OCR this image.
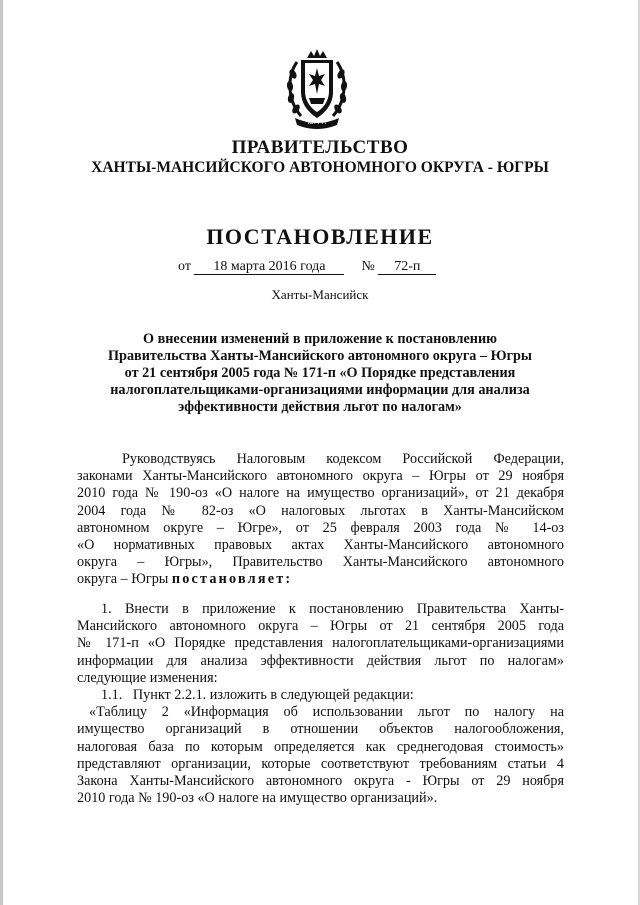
ЮГРА
ПРАВИТЕЛЬСТВО
ХАНТЫ-МАНСИЙСКОГО АВТОНОМНОГО ОКРУГА - ЮГРЫ
ПОСТАНОВЛЕНИЕ
от 18 марта 2016 года	№ 72-п
Ханты-Мансийск
О внесении изменений в приложение к постановлению
Правительства Ханты-Мансийского автономного округа – Югры
от 21 сентября 2005 года № 171-п «О Порядке представления
налогоплательщиками-организациями информации для анализа
эффективности действия льгот по налогам»
Руководствуясь Налоговым кодексом Российской Федерации,
законами Ханты-Мансийского автономного округа – Югры от 29 ноября
2010 года № 190-оз «О налоге на имущество организаций», от 21 декабря
2004 года № 82-оз «О налоговых льготах в Ханты-Мансийском
автономном округе – Югре», от 25 февраля 2003 года № 14-оз
«О нормативных правовых актах Ханты-Мансийского автономного
округа – Югры», Правительство Ханты-Мансийского автономного
округа – Югры постановляет:
1. Внести в приложение к постановлению Правительства Ханты-
Мансийского автономного округа – Югры от 21 сентября 2005 года
№ 171-п «О Порядке представления налогоплательщиками-организациями
информации для анализа эффективности действия льгот по налогам»
следующие изменения:
1.1.   Пункт 2.2.1. изложить в следующей редакции:
«Таблицу 2 «Информация об использовании льгот по налогу на
имущество организаций в отношении объектов налогообложения,
налоговая база по которым определяется как среднегодовая стоимость»
представляют организации, которые соответствуют требованиям статьи 4
Закона Ханты-Мансийского автономного округа - Югры от 29 ноября
2010 года № 190-оз «О налоге на имущество организаций».
